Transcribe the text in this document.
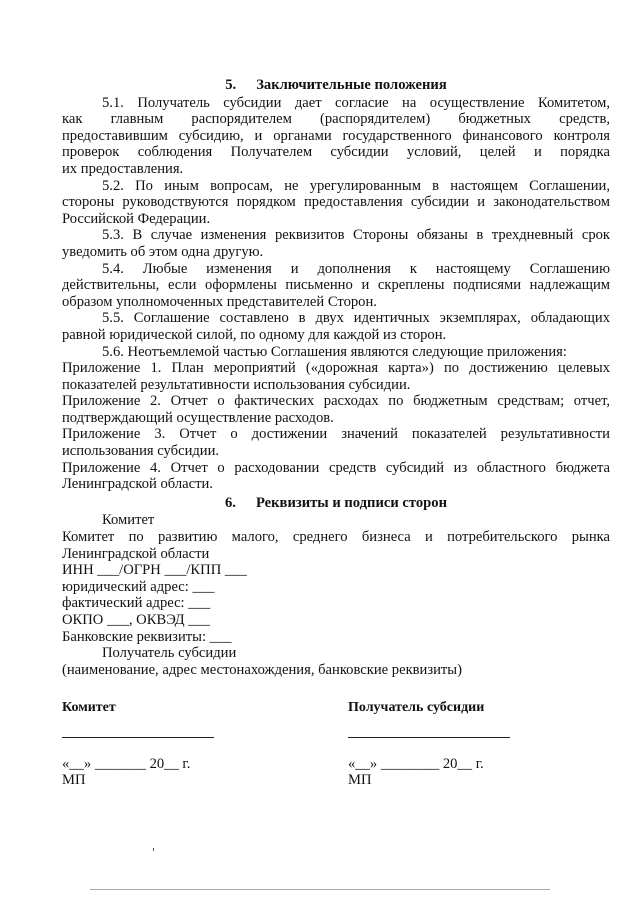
5. Заключительные положения

5.1. Получатель субсидии дает согласие на осуществление Комитетом,

как главным распорядителем (распорядителем) бюджетных средств,

предоставившим субсидию, и органами государственного финансового контроля

проверок соблюдения Получателем субсидии условий, целей и порядка

их предоставления.

5.2. По иным вопросам, не урегулированным в настоящем Соглашении,

стороны руководствуются порядком предоставления субсидии и законодательством

Российской Федерации.

5.3. В случае изменения реквизитов Стороны обязаны в трехдневный срок

уведомить об этом одна другую.

5.4. Любые изменения и дополнения к настоящему Соглашению

действительны, если оформлены письменно и скреплены подписями надлежащим

образом уполномоченных представителей Сторон.

5.5. Соглашение составлено в двух идентичных экземплярах, обладающих

равной юридической силой, по одному для каждой из сторон.

5.6. Неотъемлемой частью Соглашения являются следующие приложения:

Приложение 1. План мероприятий («дорожная карта») по достижению целевых

показателей результативности использования субсидии.

Приложение 2. Отчет о фактических расходах по бюджетным средствам; отчет,

подтверждающий осуществление расходов.

Приложение 3. Отчет о достижении значений показателей результативности

использования субсидии.

Приложение 4. Отчет о расходовании средств субсидий из областного бюджета

Ленинградской области.

6. Реквизиты и подписи сторон

Комитет

Комитет по развитию малого, среднего бизнеса и потребительского рынка

Ленинградской области

ИНН ___/ОГРН ___/КПП ___

юридический адрес: ___

фактический адрес: ___

ОКПО ___, ОКВЭД ___

Банковские реквизиты: ___

Получатель субсидии

(наименование, адрес местонахождения, банковские реквизиты)

Комитет
«__» _______ 20__ г.
МП
Получатель субсидии
«__» ________ 20__ г.
МП
